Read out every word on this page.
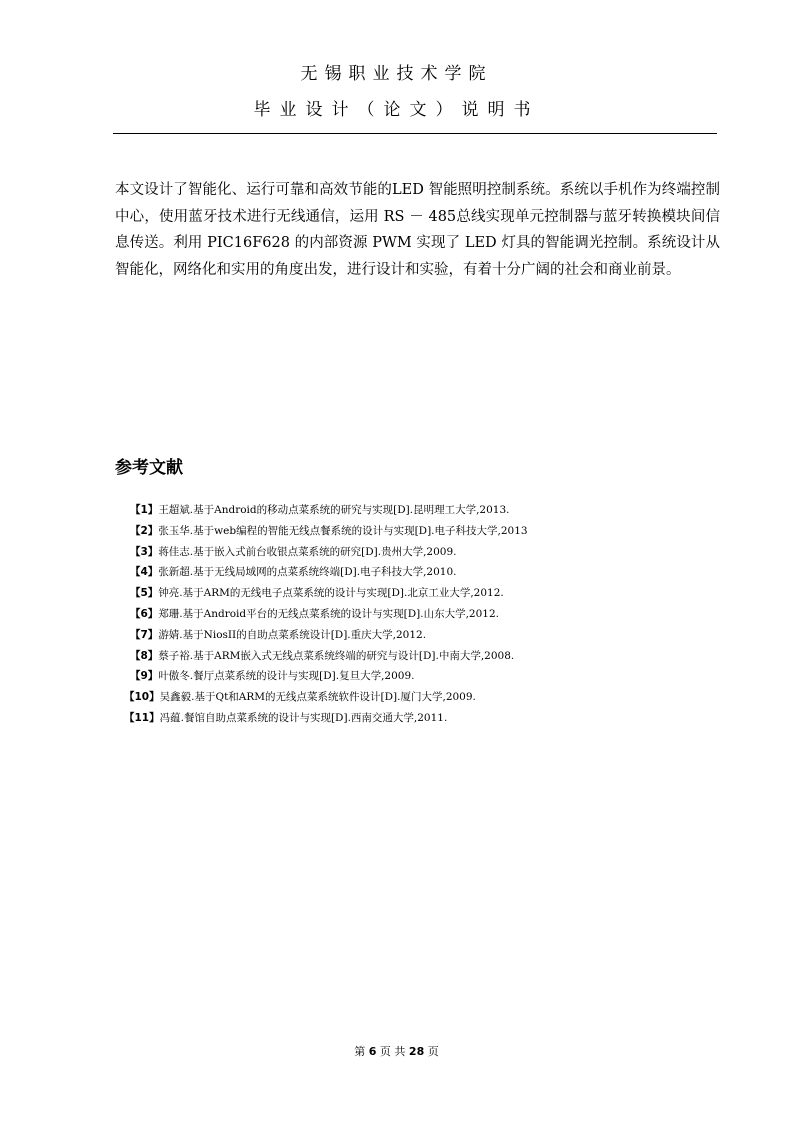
无锡职业技术学院
毕业设计（论文）说明书
本文设计了智能化、运行可靠和高效节能的LED 智能照明控制系统。系统以手机作为终端控制中心，使用蓝牙技术进行无线通信，运用 RS － 485总线实现单元控制器与蓝牙转换模块间信息传送。利用 PIC16F628 的内部资源 PWM 实现了 LED 灯具的智能调光控制。系统设计从智能化，网络化和实用的角度出发，进行设计和实验，有着十分广阔的社会和商业前景。
参考文献
【1】王超斌.基于Android的移动点菜系统的研究与实现[D].昆明理工大学,2013.
【2】张玉华.基于web编程的智能无线点餐系统的设计与实现[D].电子科技大学,2013
【3】蒋佳志.基于嵌入式前台收银点菜系统的研究[D].贵州大学,2009.
【4】张新超.基于无线局域网的点菜系统终端[D].电子科技大学,2010.
【5】钟亮.基于ARM的无线电子点菜系统的设计与实现[D].北京工业大学,2012.
【6】郑珊.基于Android平台的无线点菜系统的设计与实现[D].山东大学,2012.
【7】游婧.基于NiosII的自助点菜系统设计[D].重庆大学,2012.
【8】蔡子裕.基于ARM嵌入式无线点菜系统终端的研究与设计[D].中南大学,2008.
【9】叶傲冬.餐厅点菜系统的设计与实现[D].复旦大学,2009.
【10】吴鑫毅.基于Qt和ARM的无线点菜系统软件设计[D].厦门大学,2009.
【11】冯蕴.餐馆自助点菜系统的设计与实现[D].西南交通大学,2011.
第 6 页 共 28 页
